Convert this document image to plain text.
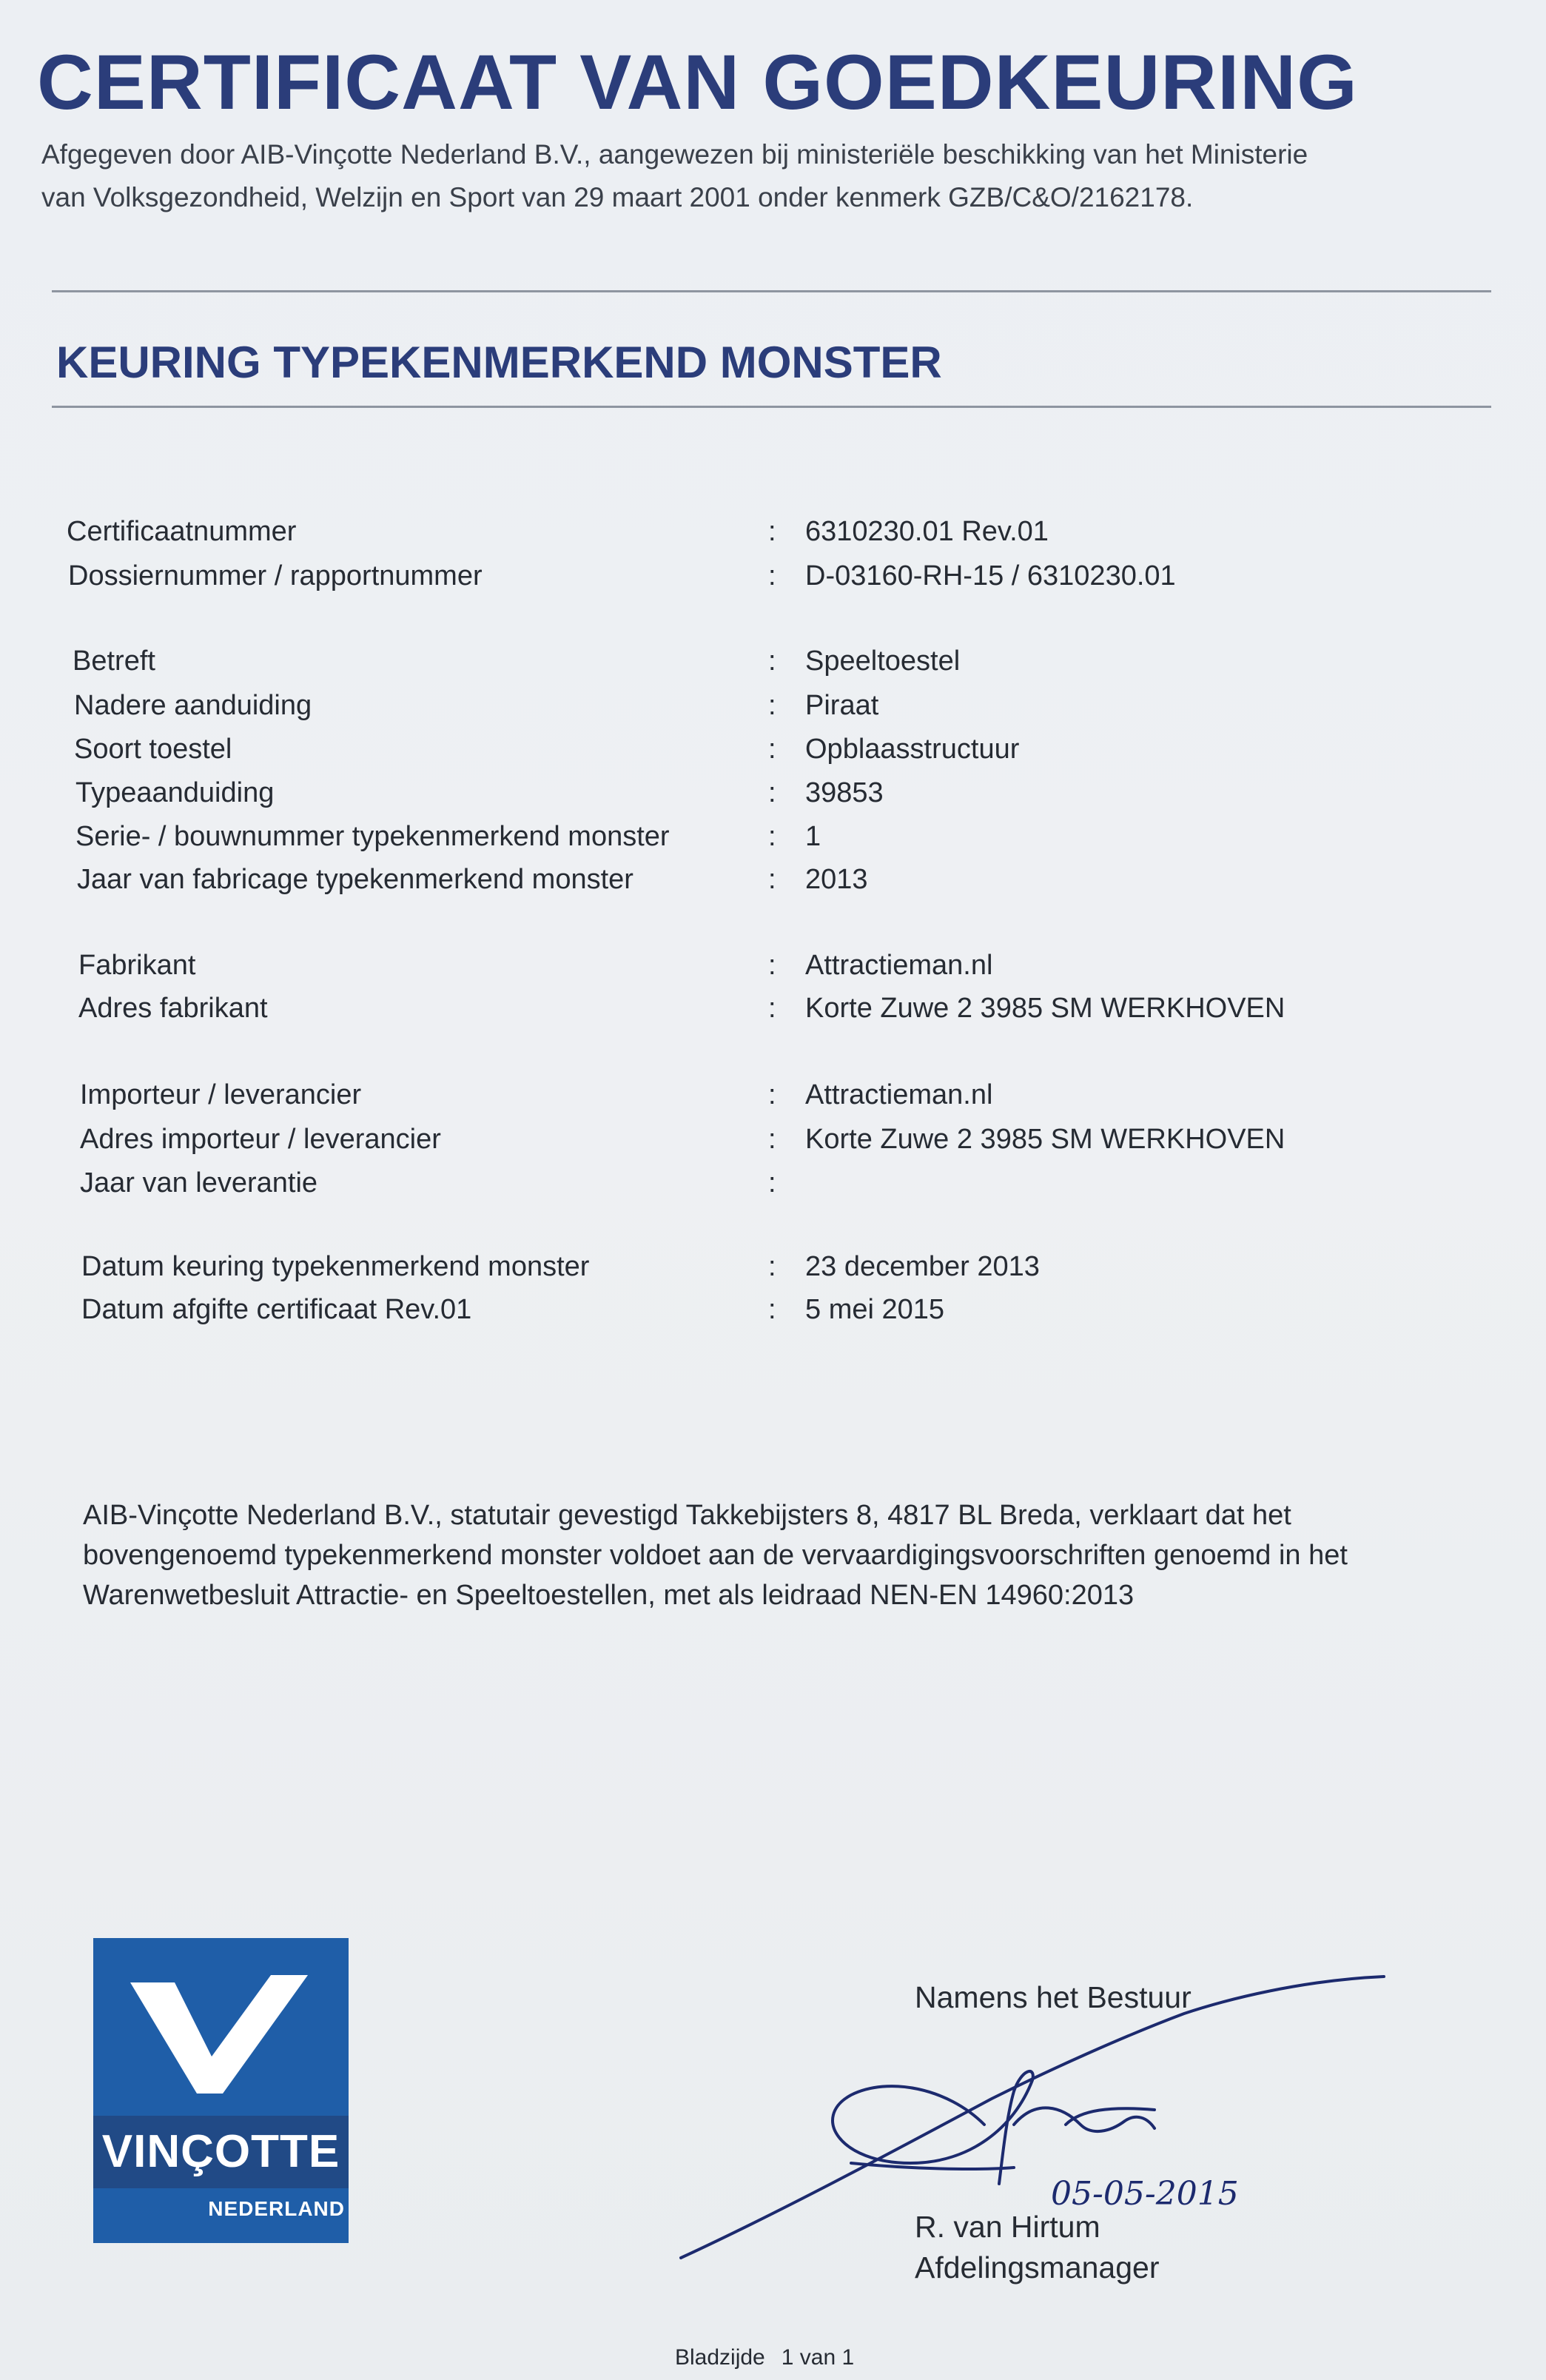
CERTIFICAAT VAN GOEDKEURING
Afgegeven door AIB-Vinçotte Nederland B.V., aangewezen bij ministeriële beschikking van het Ministerie
van Volksgezondheid, Welzijn en Sport van 29 maart 2001 onder kenmerk GZB/C&O/2162178.
KEURING TYPEKENMERKEND MONSTER
Certificaatnummer	: 6310230.01 Rev.01
Dossiernummer / rapportnummer	: D-03160-RH-15 / 6310230.01
Betreft	: Speeltoestel
Nadere aanduiding	: Piraat
Soort toestel	: Opblaasstructuur
Typeaanduiding	: 39853
Serie- / bouwnummer typekenmerkend monster	: 1
Jaar van fabricage typekenmerkend monster	: 2013
Fabrikant	: Attractieman.nl
Adres fabrikant	: Korte Zuwe 2 3985 SM WERKHOVEN
Importeur / leverancier	: Attractieman.nl
Adres importeur / leverancier	: Korte Zuwe 2 3985 SM WERKHOVEN
Jaar van leverantie	:
Datum keuring typekenmerkend monster	: 23 december 2013
Datum afgifte certificaat Rev.01	: 5 mei 2015
AIB-Vinçotte Nederland B.V., statutair gevestigd Takkebijsters 8, 4817 BL Breda, verklaart dat het
bovengenoemd typekenmerkend monster voldoet aan de vervaardigingsvoorschriften genoemd in het
Warenwetbesluit Attractie- en Speeltoestellen, met als leidraad NEN-EN 14960:2013
VINÇOTTE
NEDERLAND
Namens het Bestuur
05-05-2015
R. van Hirtum
Afdelingsmanager
Bladzijde 1 van 1
